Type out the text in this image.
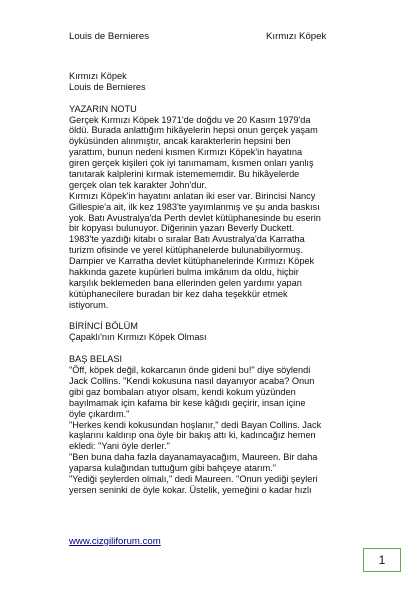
Louis de Bernieres	Kırmızı Köpek
Kırmızı Köpek
Louis de Bernieres
YAZARIN NOTU
Gerçek Kırmızı Köpek 1971'de doğdu ve 20 Kasım 1979'da
öldü. Burada anlattığım hikâyelerin hepsi onun gerçek yaşam
öyküsünden alınmıştır, ancak karakterlerin hepsini ben
yarattım, bunun nedeni kısmen Kırmızı Köpek'in hayatına
giren gerçek kişileri çok iyi tanımamam, kısmen onları yanlış
tanıtarak kalplerini kırmak istemememdir. Bu hikâyelerde
gerçek olan tek karakter John'dur.
Kırmızı Köpek'in hayatını anlatan iki eser var. Birincisi Nancy
Gillespie'a ait, ilk kez 1983'te yayımlanmış ve şu anda baskısı
yok. Batı Avustralya'da Perth devlet kütüphanesinde bu eserin
bir kopyası bulunuyor. Diğerinin yazarı Beverly Duckett.
1983'te yazdığı kitabı o sıralar Batı Avustralya'da Karratha
turizm ofisinde ve yerel kütüphanelerde bulunabiliyormuş.
Dampier ve Karratha devlet kütüphanelerinde Kırmızı Köpek
hakkında gazete kupürleri bulma imkânım da oldu, hiçbir
karşılık beklemeden bana ellerinden gelen yardımı yapan
kütüphanecilere buradan bir kez daha teşekkür etmek
istiyorum.
BİRİNCİ BÖLÜM
Çapaklı'nın Kırmızı Köpek Olması
BAŞ BELASI
"Öff, köpek değil, kokarcanın önde gideni bu!" diye söylendi
Jack Collins. "Kendi kokusuna nasıl dayanıyor acaba? Onun
gibi gaz bombaları atıyor olsam, kendi kokum yüzünden
bayılmamak için kafama bir kese kâğıdı geçirir, insan içine
öyle çıkardım."
"Herkes kendi kokusundan hoşlanır," dedi Bayan Collins. Jack
kaşlarını kaldırıp ona öyle bir bakış attı ki, kadıncağız hemen
ekledi: "Yani öyle derler."
"Ben buna daha fazla dayanamayacağım, Maureen. Bir daha
yaparsa kulağından tuttuğum gibi bahçeye atarım."
"Yediği şeylerden olmalı," dedi Maureen. "Onun yediği şeyleri
yersen seninki de öyle kokar. Üstelik, yemeğini o kadar hızlı
www.cizgiliforum.com
1
